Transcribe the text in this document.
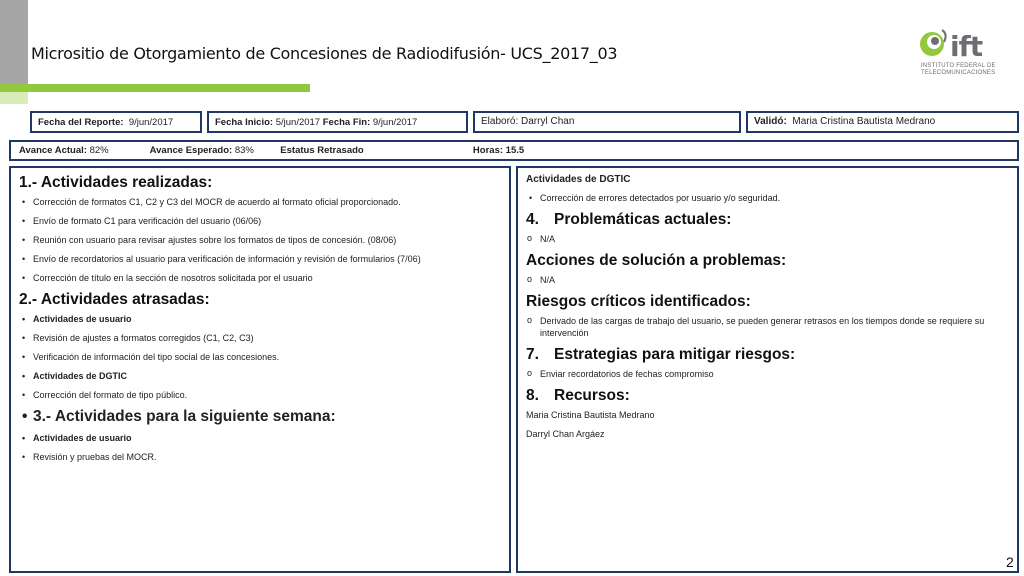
Micrositio de Otorgamiento de Concesiones de Radiodifusión- UCS_2017_03	ift
INSTITUTO FEDERAL DE
TELECOMUNICACIONES
Fecha del Reporte: 9/jun/2017	Fecha Inicio: 5/jun/2017 Fecha Fin: 9/jun/2017	Elaboró: Darryl Chan	Validó: Maria Cristina Bautista Medrano
Avance Actual: 82%	Avance Esperado: 83%	Estatus Retrasado	Horas: 15.5
1.- Actividades realizadas:
• Corrección de formatos C1, C2 y C3 del MOCR de acuerdo al formato oficial proporcionado.
• Envío de formato C1 para verificación del usuario (06/06)
• Reunión con usuario para revisar ajustes sobre los formatos de tipos de concesión. (08/06)
• Envío de recordatorios al usuario para verificación de información y revisión de formularios (7/06)
• Corrección de título en la sección de nosotros solicitada por el usuario
2.- Actividades atrasadas:
• Actividades de usuario
• Revisión de ajustes a formatos corregidos (C1, C2, C3)
• Verificación de información del tipo social de las concesiones.
• Actividades de DGTIC
• Corrección del formato de tipo público.
• 3.- Actividades para la siguiente semana:
• Actividades de usuario
• Revisión y pruebas del MOCR.
Actividades de DGTIC
• Corrección de errores detectados por usuario y/o seguridad.
4. Problemáticas actuales:
o N/A
Acciones de solución a problemas:
o N/A
Riesgos críticos identificados:
o Derivado de las cargas de trabajo del usuario, se pueden generar retrasos en los tiempos donde se requiere su intervención
7. Estrategias para mitigar riesgos:
o Enviar recordatorios de fechas compromiso
8. Recursos:
Maria Cristina Bautista Medrano
Darryl Chan Argáez
2
